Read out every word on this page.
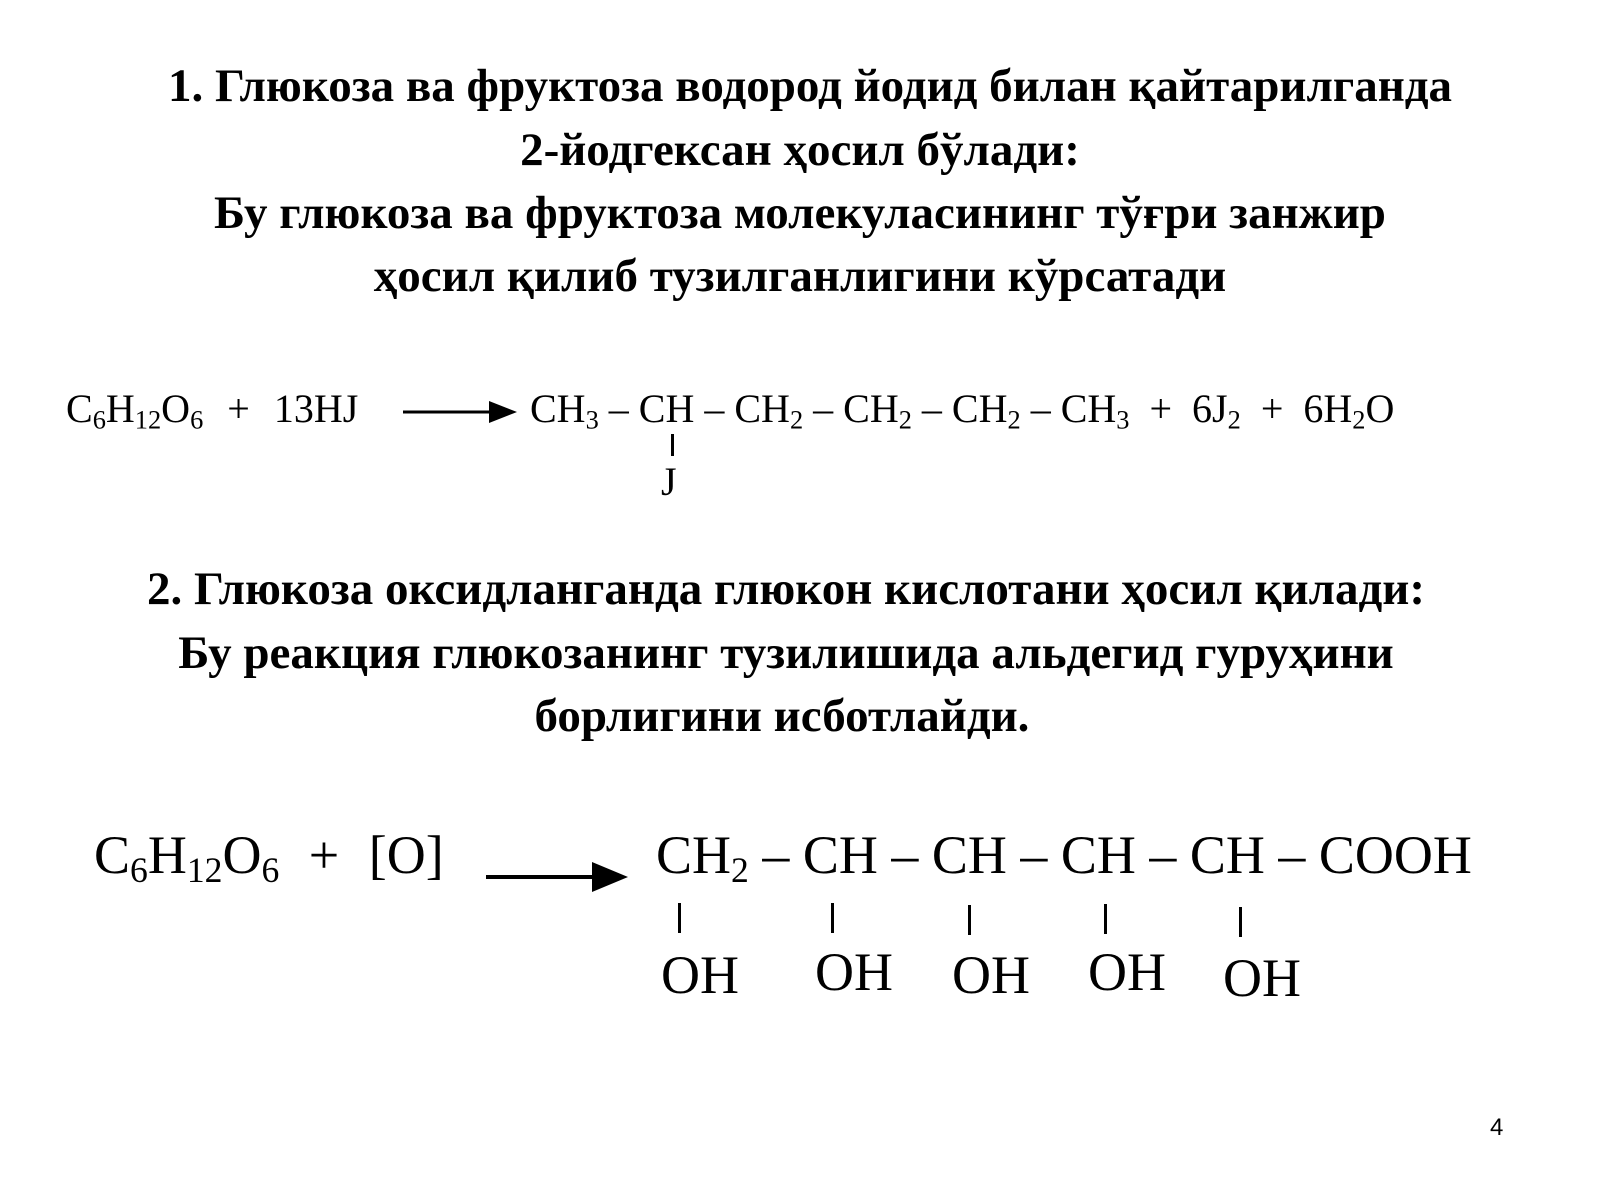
1. Глюкоза ва фруктоза водород йодид билан қайтарилганда
2-йодгексан ҳосил бўлади:
Бу глюкоза ва фруктоза молекуласининг тўғри занжир
ҳосил қилиб тузилганлигини кўрсатади
$C_6H_{12}O_6 + 13HJ$	$CH_3$ – CH – $CH_2 - CH_2 - CH_2 - CH_3 + 6J_2 + 6H_2O$
J
2. Глюкоза оксидланганда глюкон кислотани ҳосил қилади:
Бу реакция глюкозанинг тузилишида альдегид гуруҳини
борлигини исботлайди.
$C_6H_{12}O_6 + [O]$	$CH_2$ – CH – CH – CH – CH – COOH
OH OH OH OH OH
4
